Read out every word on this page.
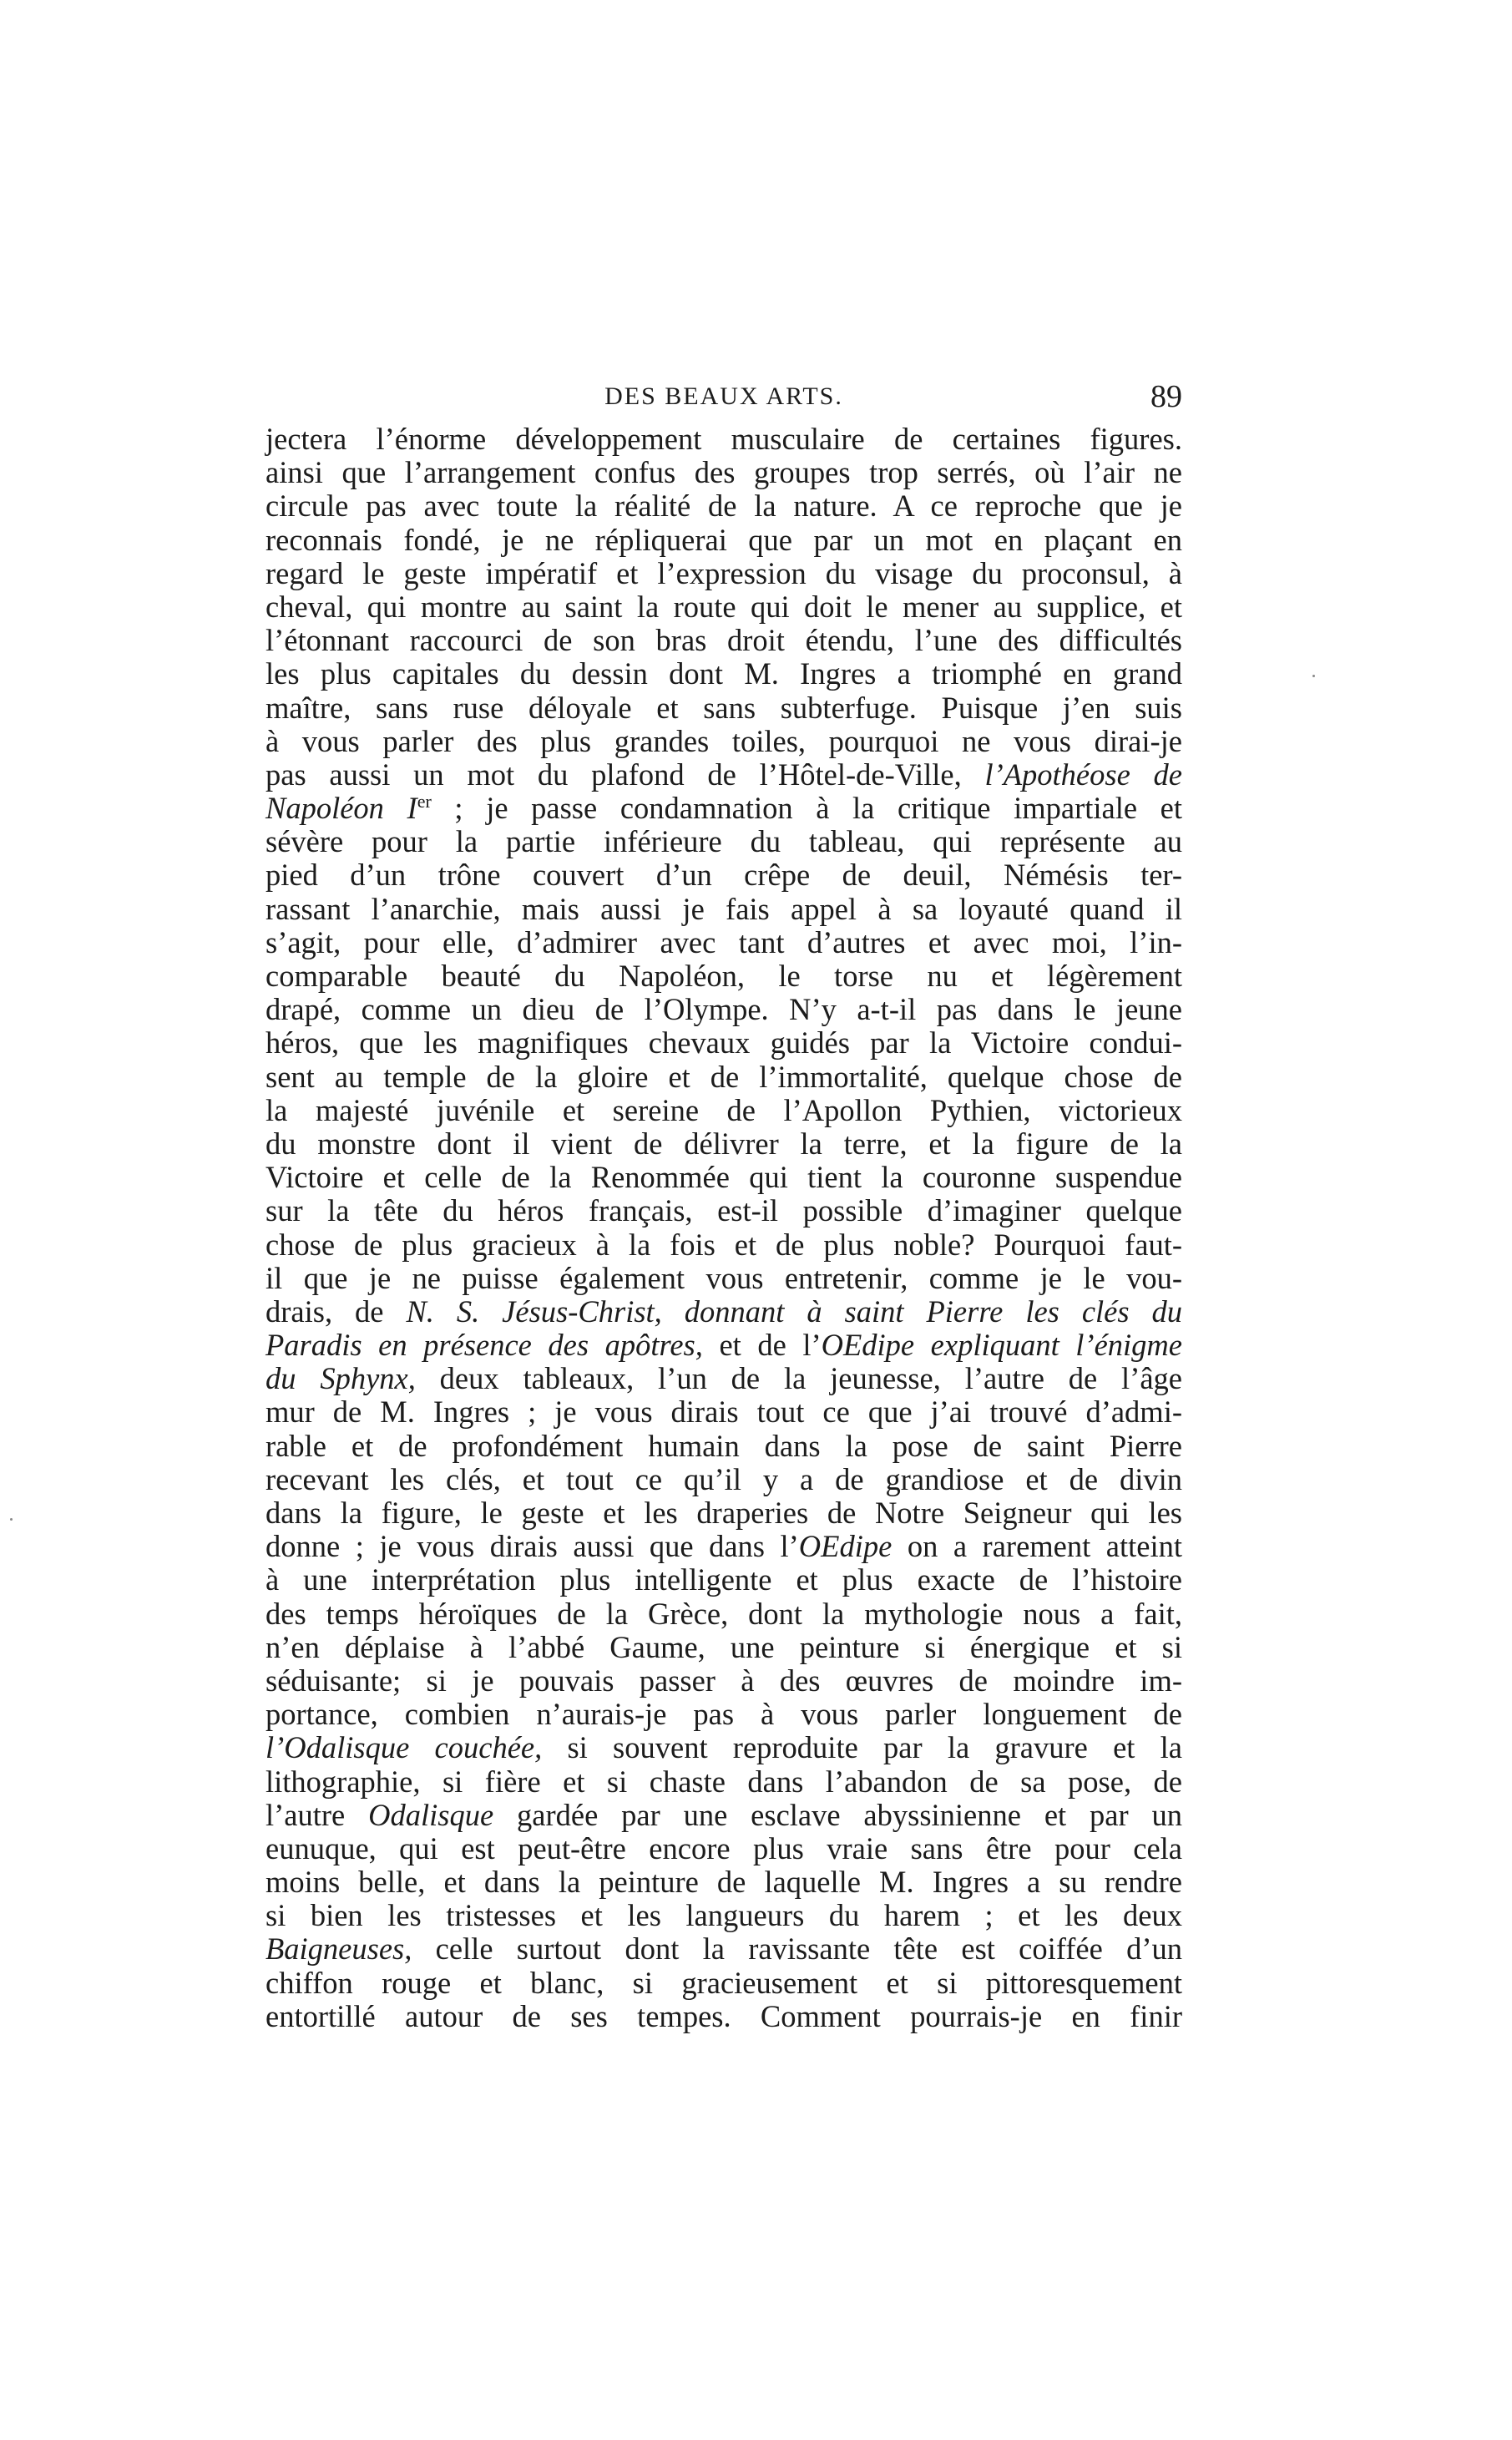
DES BEAUX ARTS.	89
jectera l’énorme développement musculaire de certaines figures.
ainsi que l’arrangement confus des groupes trop serrés, où l’air ne
circule pas avec toute la réalité de la nature. A ce reproche que je
reconnais fondé, je ne répliquerai que par un mot en plaçant en
regard le geste impératif et l’expression du visage du proconsul, à
cheval, qui montre au saint la route qui doit le mener au supplice, et
l’étonnant raccourci de son bras droit étendu, l’une des difficultés
les plus capitales du dessin dont M. Ingres a triomphé en grand
maître, sans ruse déloyale et sans subterfuge. Puisque j’en suis
à vous parler des plus grandes toiles, pourquoi ne vous dirai-je
pas aussi un mot du plafond de l’Hôtel-de-Ville, l’Apothéose de
Napoléon Ier ; je passe condamnation à la critique impartiale et
sévère pour la partie inférieure du tableau, qui représente au
pied d’un trône couvert d’un crêpe de deuil, Némésis ter-
rassant l’anarchie, mais aussi je fais appel à sa loyauté quand il
s’agit, pour elle, d’admirer avec tant d’autres et avec moi, l’in-
comparable beauté du Napoléon, le torse nu et légèrement
drapé, comme un dieu de l’Olympe. N’y a-t-il pas dans le jeune
héros, que les magnifiques chevaux guidés par la Victoire condui-
sent au temple de la gloire et de l’immortalité, quelque chose de
la majesté juvénile et sereine de l’Apollon Pythien, victorieux
du monstre dont il vient de délivrer la terre, et la figure de la
Victoire et celle de la Renommée qui tient la couronne suspendue
sur la tête du héros français, est-il possible d’imaginer quelque
chose de plus gracieux à la fois et de plus noble? Pourquoi faut-
il que je ne puisse également vous entretenir, comme je le vou-
drais, de N. S. Jésus-Christ, donnant à saint Pierre les clés du
Paradis en présence des apôtres, et de l’OEdipe expliquant l’énigme
du Sphynx, deux tableaux, l’un de la jeunesse, l’autre de l’âge
mur de M. Ingres ; je vous dirais tout ce que j’ai trouvé d’admi-
rable et de profondément humain dans la pose de saint Pierre
recevant les clés, et tout ce qu’il y a de grandiose et de divin
dans la figure, le geste et les draperies de Notre Seigneur qui les
donne ; je vous dirais aussi que dans l’OEdipe on a rarement atteint
à une interprétation plus intelligente et plus exacte de l’histoire
des temps héroïques de la Grèce, dont la mythologie nous a fait,
n’en déplaise à l’abbé Gaume, une peinture si énergique et si
séduisante; si je pouvais passer à des œuvres de moindre im-
portance, combien n’aurais-je pas à vous parler longuement de
l’Odalisque couchée, si souvent reproduite par la gravure et la
lithographie, si fière et si chaste dans l’abandon de sa pose, de
l’autre Odalisque gardée par une esclave abyssinienne et par un
eunuque, qui est peut-être encore plus vraie sans être pour cela
moins belle, et dans la peinture de laquelle M. Ingres a su rendre
si bien les tristesses et les langueurs du harem ; et les deux
Baigneuses, celle surtout dont la ravissante tête est coiffée d’un
chiffon rouge et blanc, si gracieusement et si pittoresquement
entortillé autour de ses tempes. Comment pourrais-je en finir
